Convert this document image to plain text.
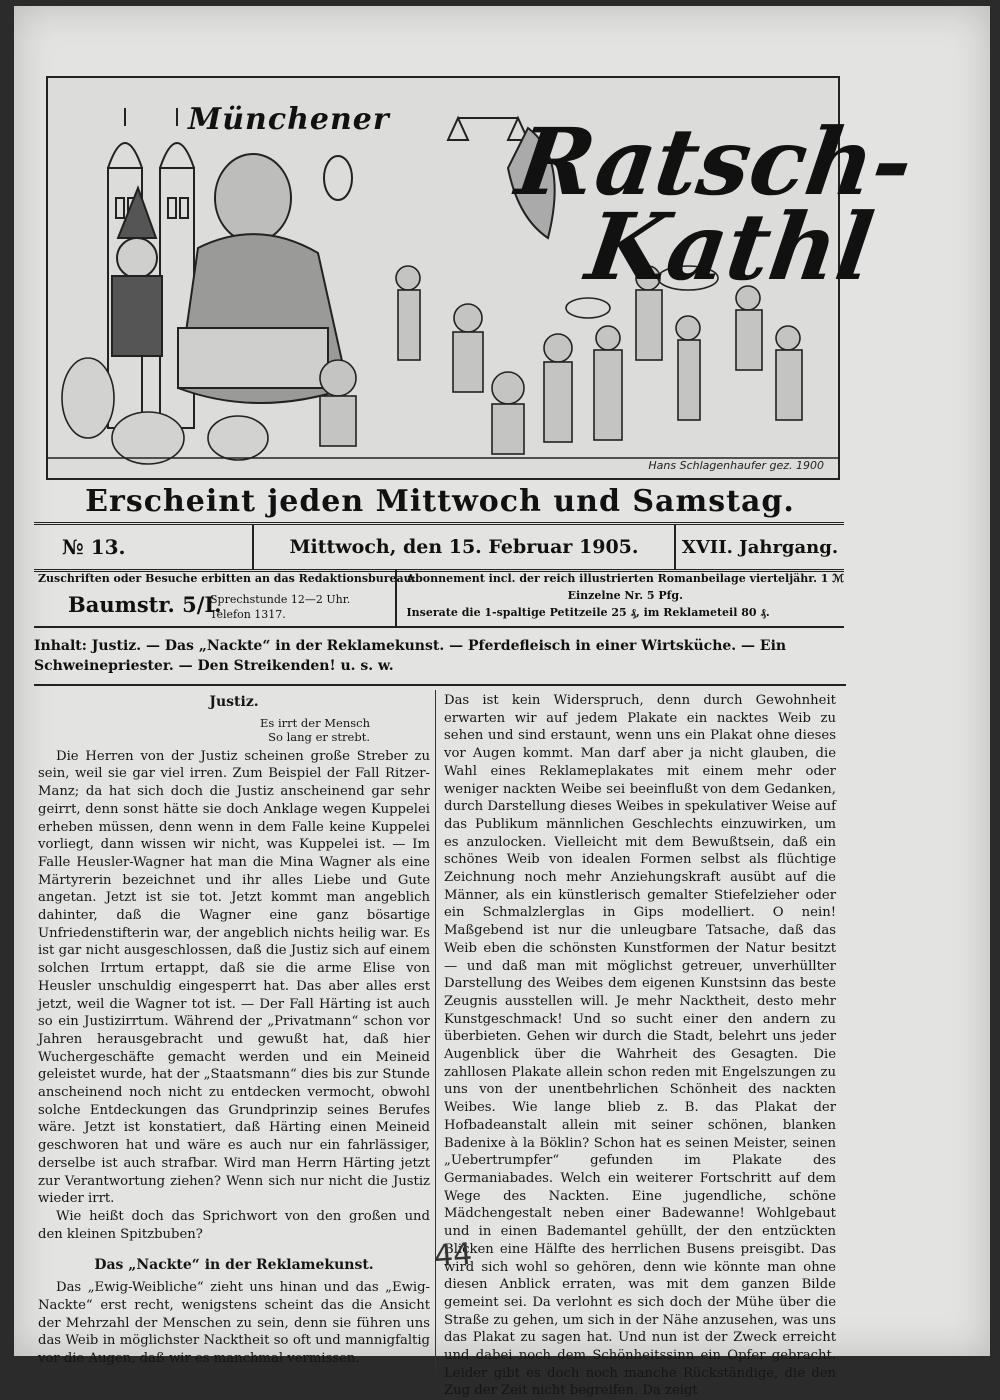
Münchener Ratsch-
Kathl
Hans Schlagenhaufer gez. 1900
Erscheint jeden Mittwoch und Samstag.
№ 13.	Mittwoch, den 15. Februar 1905.	XVII. Jahrgang.
Zuschriften oder Besuche erbitten an das Redaktionsbureau:
Baumstr. 5/I.
Sprechstunde 12—2 Uhr.
Telefon 1317.
Abonnement incl. der reich illustrierten Romanbeilage vierteljähr. 1 ℳ
Einzelne Nr. 5 Pfg.
Inserate die 1-spaltige Petitzeile 25 ₰, im Reklameteil 80 ₰.
Inhalt: Justiz. — Das „Nackte“ in der Reklamekunst. — Pferdefleisch in einer Wirtsküche. — Ein Schweinepriester. — Den Streikenden! u. s. w.
Justiz.
Es irrt der Mensch
So lang er strebt.

Die Herren von der Justiz scheinen große Streber zu sein, weil sie gar viel irren. Zum Beispiel der Fall Ritzer-Manz; da hat sich doch die Justiz anscheinend gar sehr geirrt, denn sonst hätte sie doch Anklage wegen Kuppelei erheben müssen, denn wenn in dem Falle keine Kuppelei vorliegt, dann wissen wir nicht, was Kuppelei ist. — Im Falle Heusler-Wagner hat man die Mina Wagner als eine Märtyrerin bezeichnet und ihr alles Liebe und Gute angetan. Jetzt ist sie tot. Jetzt kommt man angeblich dahinter, daß die Wagner eine ganz bösartige Unfriedenstifterin war, der angeblich nichts heilig war. Es ist gar nicht ausgeschlossen, daß die Justiz sich auf einem solchen Irrtum ertappt, daß sie die arme Elise von Heusler unschuldig eingesperrt hat. Das aber alles erst jetzt, weil die Wagner tot ist. — Der Fall Härting ist auch so ein Justizirrtum. Während der „Privatmann“ schon vor Jahren herausgebracht und gewußt hat, daß hier Wuchergeschäfte gemacht werden und ein Meineid geleistet wurde, hat der „Staatsmann“ dies bis zur Stunde anscheinend noch nicht zu entdecken vermocht, obwohl solche Entdeckungen das Grundprinzip seines Berufes wäre. Jetzt ist konstatiert, daß Härting einen Meineid geschworen hat und wäre es auch nur ein fahrlässiger, derselbe ist auch strafbar. Wird man Herrn Härting jetzt zur Verantwortung ziehen? Wenn sich nur nicht die Justiz wieder irrt.

Wie heißt doch das Sprichwort von den großen und den kleinen Spitzbuben?

Das „Nackte“ in der Reklamekunst.

Das „Ewig-Weibliche“ zieht uns hinan und das „Ewig-Nackte“ erst recht, wenigstens scheint das die Ansicht der Mehrzahl der Menschen zu sein, denn sie führen uns das Weib in möglichster Nacktheit so oft und mannigfaltig vor die Augen, daß wir es manchmal vermissen.

Das ist kein Widerspruch, denn durch Gewohnheit erwarten wir auf jedem Plakate ein nacktes Weib zu sehen und sind erstaunt, wenn uns ein Plakat ohne dieses vor Augen kommt. Man darf aber ja nicht glauben, die Wahl eines Reklameplakates mit einem mehr oder weniger nackten Weibe sei beeinflußt von dem Gedanken, durch Darstellung dieses Weibes in spekulativer Weise auf das Publikum männlichen Geschlechts einzuwirken, um es anzulocken. Vielleicht mit dem Bewußtsein, daß ein schönes Weib von idealen Formen selbst als flüchtige Zeichnung noch mehr Anziehungskraft ausübt auf die Männer, als ein künstlerisch gemalter Stiefelzieher oder ein Schmalzlerglas in Gips modelliert. O nein! Maßgebend ist nur die unleugbare Tatsache, daß das Weib eben die schönsten Kunstformen der Natur besitzt — und daß man mit möglichst getreuer, unverhüllter Darstellung des Weibes dem eigenen Kunstsinn das beste Zeugnis ausstellen will. Je mehr Nacktheit, desto mehr Kunstgeschmack! Und so sucht einer den andern zu überbieten. Gehen wir durch die Stadt, belehrt uns jeder Augenblick über die Wahrheit des Gesagten. Die zahllosen Plakate allein schon reden mit Engelszungen zu uns von der unentbehrlichen Schönheit des nackten Weibes. Wie lange blieb z. B. das Plakat der Hofbadeanstalt allein mit seiner schönen, blanken Badenixe à la Böklin? Schon hat es seinen Meister, seinen „Uebertrumpfer“ gefunden im Plakate des Germaniabades. Welch ein weiterer Fortschritt auf dem Wege des Nackten. Eine jugendliche, schöne Mädchengestalt neben einer Badewanne! Wohlgebaut und in einen Bademantel gehüllt, der den entzückten Blicken eine Hälfte des herrlichen Busens preisgibt. Das wird sich wohl so gehören, denn wie könnte man ohne diesen Anblick erraten, was mit dem ganzen Bilde gemeint sei. Da verlohnt es sich doch der Mühe über die Straße zu gehen, um sich in der Nähe anzusehen, was uns das Plakat zu sagen hat. Und nun ist der Zweck erreicht und dabei noch dem Schönheitssinn ein Opfer gebracht. Leider gibt es doch noch manche Rückständige, die den Zug der Zeit nicht begreifen. Da zeigt

44
